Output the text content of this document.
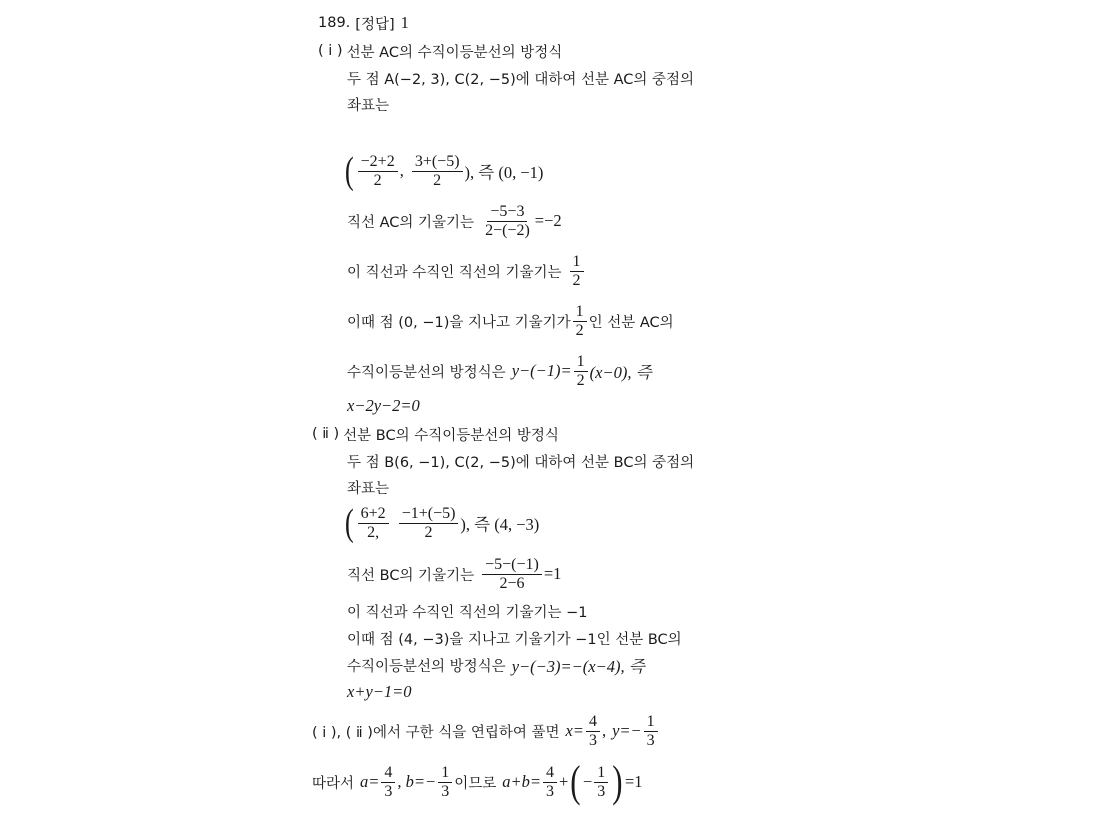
189. [정답] 1
( ⅰ ) 선분 AC의 수직이등분선의 방정식
두 점 A(−2, 3), C(2, −5)에 대하여 선분 AC의 중점의
좌표는
( $\frac{-2+2}{2}$ , $\frac{3+(-5)}{2}$ ), 즉 (0, −1)
직선 AC의 기울기는 $\frac{-5-3}{2-(-2)} =-2$
이 직선과 수직인 직선의 기울기는 $\frac{1}{2}$
이때 점 (0, −1)을 지나고 기울기가 $\frac{1}{2}$ 인 선분 AC의
수직이등분선의 방정식은 $y-(-1)= \frac{1}{2} (x-0)$, 즉
x−2y−2=0
( ⅱ ) 선분 BC의 수직이등분선의 방정식
두 점 B(6, −1), C(2, −5)에 대하여 선분 BC의 중점의
좌표는
( $\frac{6+2}{2,} \frac{-1+(-5)}{2}$ ), 즉 (4, −3)
직선 BC의 기울기는 $\frac{-5-(-1)}{2-6} =1$
이 직선과 수직인 직선의 기울기는 −1
이때 점 (4, −3)을 지나고 기울기가 −1인 선분 BC의
수직이등분선의 방정식은 y−(−3)=−(x−4), 즉
x+y−1=0
( ⅰ ), ( ⅱ )에서 구한 식을 연립하여 풀면 $x= \frac{4}{3}$ , $y=- \frac{1}{3}$
따라서 $a= \frac{4}{3}$ , $b=- \frac{1}{3}$ 이므로 $a+b= \frac{4}{3}$ + ( − $\frac{1}{3}$ ) =1
